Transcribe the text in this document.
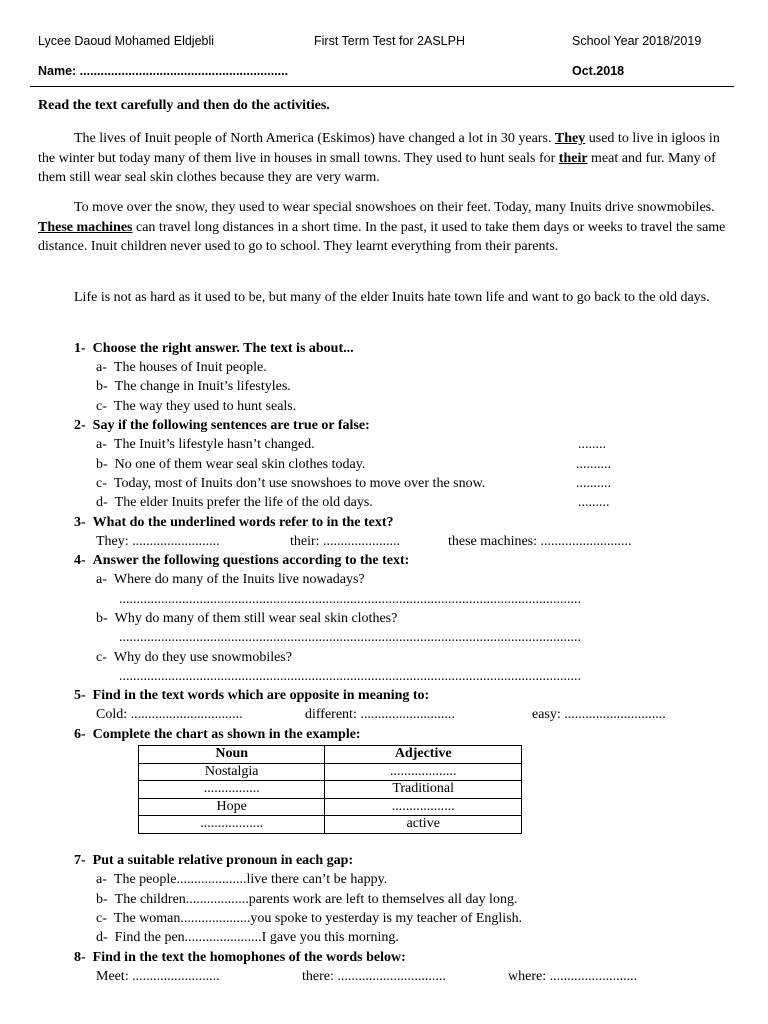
Lycee Daoud Mohamed Eldjebli	First Term Test for 2ASLPH	School Year 2018/2019
Name: ............................................................	Oct.2018
Read the text carefully and then do the activities.
The lives of Inuit people of North America (Eskimos) have changed a lot in 30 years. They used to live in igloos in the winter but today many of them live in houses in small towns. They used to hunt seals for their meat and fur. Many of them still wear seal skin clothes because they are very warm.
To move over the snow, they used to wear special snowshoes on their feet. Today, many Inuits drive snowmobiles. These machines can travel long distances in a short time. In the past, it used to take them days or weeks to travel the same distance. Inuit children never used to go to school. They learnt everything from their parents.
Life is not as hard as it used to be, but many of the elder Inuits hate town life and want to go back to the old days.
1- Choose the right answer. The text is about...
a- The houses of Inuit people.
b- The change in Inuit’s lifestyles.
c- The way they used to hunt seals.
2- Say if the following sentences are true or false:
a- The Inuit’s lifestyle hasn’t changed.	........
b- No one of them wear seal skin clothes today.	..........
c- Today, most of Inuits don’t use snowshoes to move over the snow.	..........
d- The elder Inuits prefer the life of the old days.	.........
3- What do the underlined words refer to in the text?
They: .........................	their: ......................	these machines: ..........................
4- Answer the following questions according to the text:
a- Where do many of the Inuits live nowadays?
....................................................................................................................................
b- Why do many of them still wear seal skin clothes?
....................................................................................................................................
c- Why do they use snowmobiles?
....................................................................................................................................
5- Find in the text words which are opposite in meaning to:
Cold: ................................	different: ...........................	easy: .............................
6- Complete the chart as shown in the example:
Noun	Adjective
Nostalgia	...................
................	Traditional
Hope	..................
..................	active
7- Put a suitable relative pronoun in each gap:
a- The people....................live there can’t be happy.
b- The children..................parents work are left to themselves all day long.
c- The woman....................you spoke to yesterday is my teacher of English.
d- Find the pen......................I gave you this morning.
8- Find in the text the homophones of the words below:
Meet: .........................	there: ...............................	where: .........................
